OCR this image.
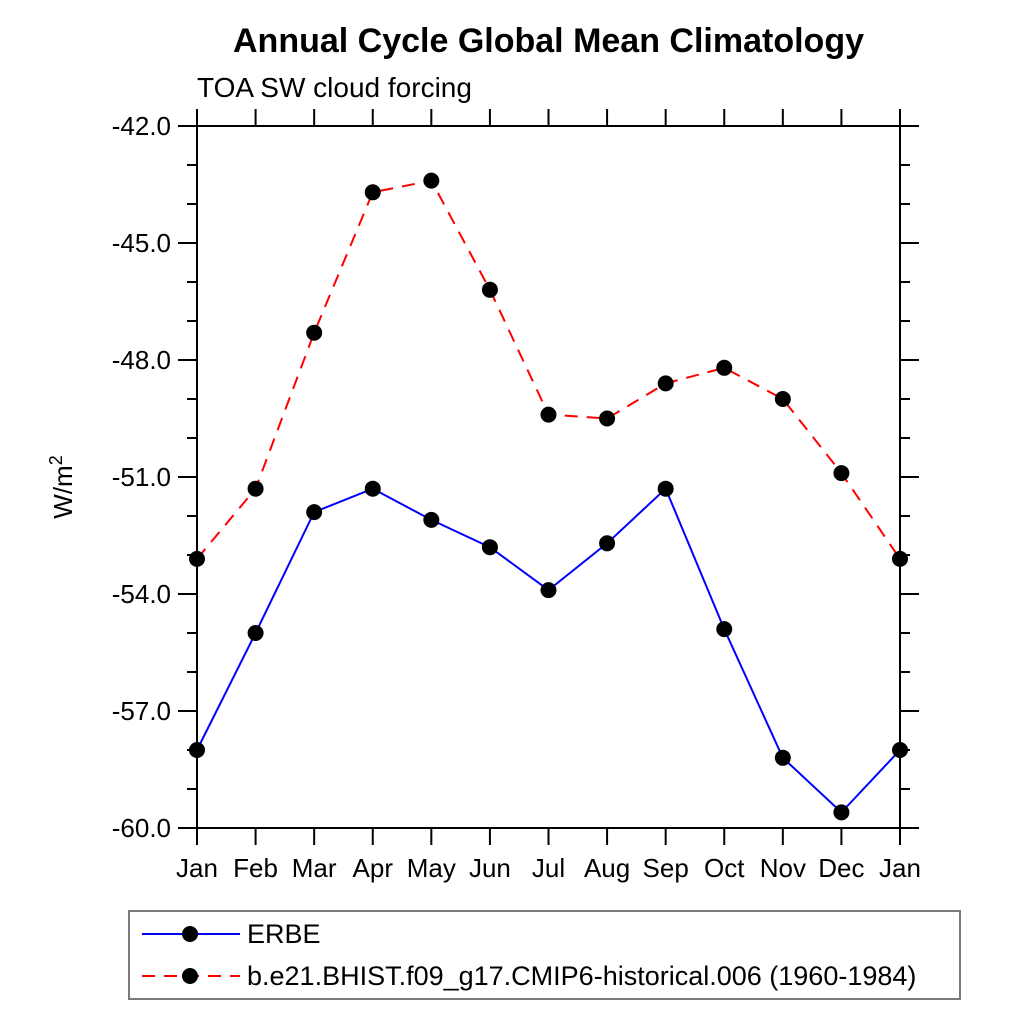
Annual Cycle Global Mean Climatology
TOA SW cloud forcing
-42.0
-45.0
-48.0
-51.0
-54.0
-57.0
-60.0
Jan Feb Mar Apr May Jun Jul Aug Sep Oct Nov Dec Jan
$W/m^2$
ERBE
b.e21.BHIST.f09_g17.CMIP6-historical.006 (1960-1984)
